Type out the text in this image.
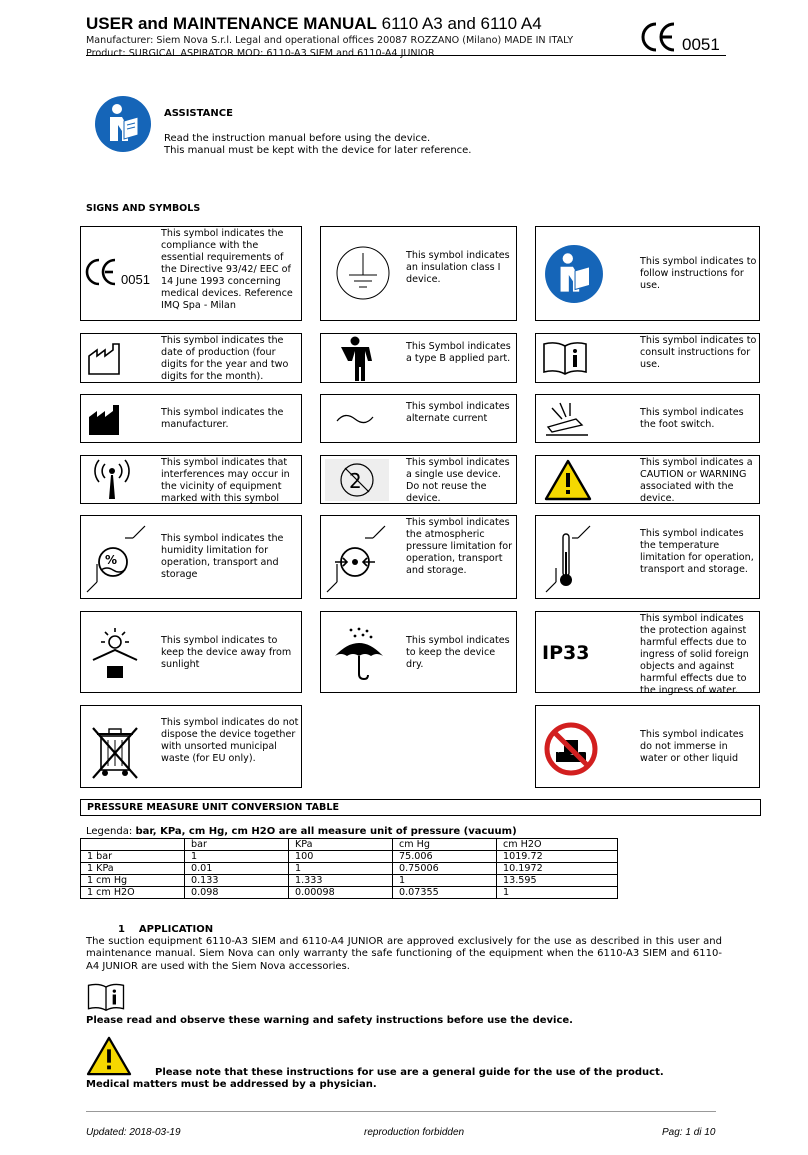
USER and MAINTENANCE MANUAL 6110 A3 and 6110 A4
Manufacturer: Siem Nova S.r.l. Legal and operational offices 20087 ROZZANO (Milano) MADE IN ITALY
Product: SURGICAL ASPIRATOR MOD: 6110-A3 SIEM and 6110-A4 JUNIOR	0051
ASSISTANCE
Read the instruction manual before using the device.
This manual must be kept with the device for later reference.
SIGNS AND SYMBOLS
0051
This symbol indicates the compliance with the essential requirements of the Directive 93/42/ EEC of 14 June 1993 concerning medical devices. Reference IMQ Spa - Milan
This symbol indicates an insulation class I device.
This symbol indicates to follow instructions for use.
This symbol indicates the date of production (four digits for the year and two digits for the month).
This Symbol indicates a type B applied part.
This symbol indicates to consult instructions for use.
This symbol indicates the manufacturer.
This symbol indicates alternate current
This symbol indicates the foot switch.
This symbol indicates that interferences may occur in the vicinity of equipment marked with this symbol
2
This symbol indicates a single use device. Do not reuse the device.
This symbol indicates a CAUTION or WARNING associated with the device.
%
This symbol indicates the humidity limitation for operation, transport and storage
This symbol indicates the atmospheric pressure limitation for operation, transport and storage.
This symbol indicates the temperature limitation for operation, transport and storage.
This symbol indicates to keep the device away from sunlight
This symbol indicates to keep the device dry.
IP33
This symbol indicates the protection against harmful effects due to ingress of solid foreign objects and against harmful effects due to the ingress of water.
This symbol indicates do not dispose the device together with unsorted municipal waste (for EU only).
This symbol indicates do not immerse in water or other liquid
PRESSURE MEASURE UNIT CONVERSION TABLE
Legenda: bar, KPa, cm Hg, cm H2O are all measure unit of pressure (vacuum)
	bar	KPa	cm Hg	cm H2O
1 bar	1	100	75.006	1019.72
1 KPa	0.01	1	0.75006	10.1972
1 cm Hg	0.133	1.333	1	13.595
1 cm H2O	0.098	0.00098	0.07355	1
1    APPLICATION
The suction equipment 6110-A3 SIEM and 6110-A4 JUNIOR are approved exclusively for the use as described in this user and maintenance manual. Siem Nova can only warranty the safe functioning of the equipment when the 6110-A3 SIEM and 6110-A4 JUNIOR are used with the Siem Nova accessories.
Please read and observe these warning and safety instructions before use the device.
Please note that these instructions for use are a general guide for the use of the product.
Medical matters must be addressed by a physician.
Updated: 2018-03-19	reproduction forbidden	Pag: 1 di 10
